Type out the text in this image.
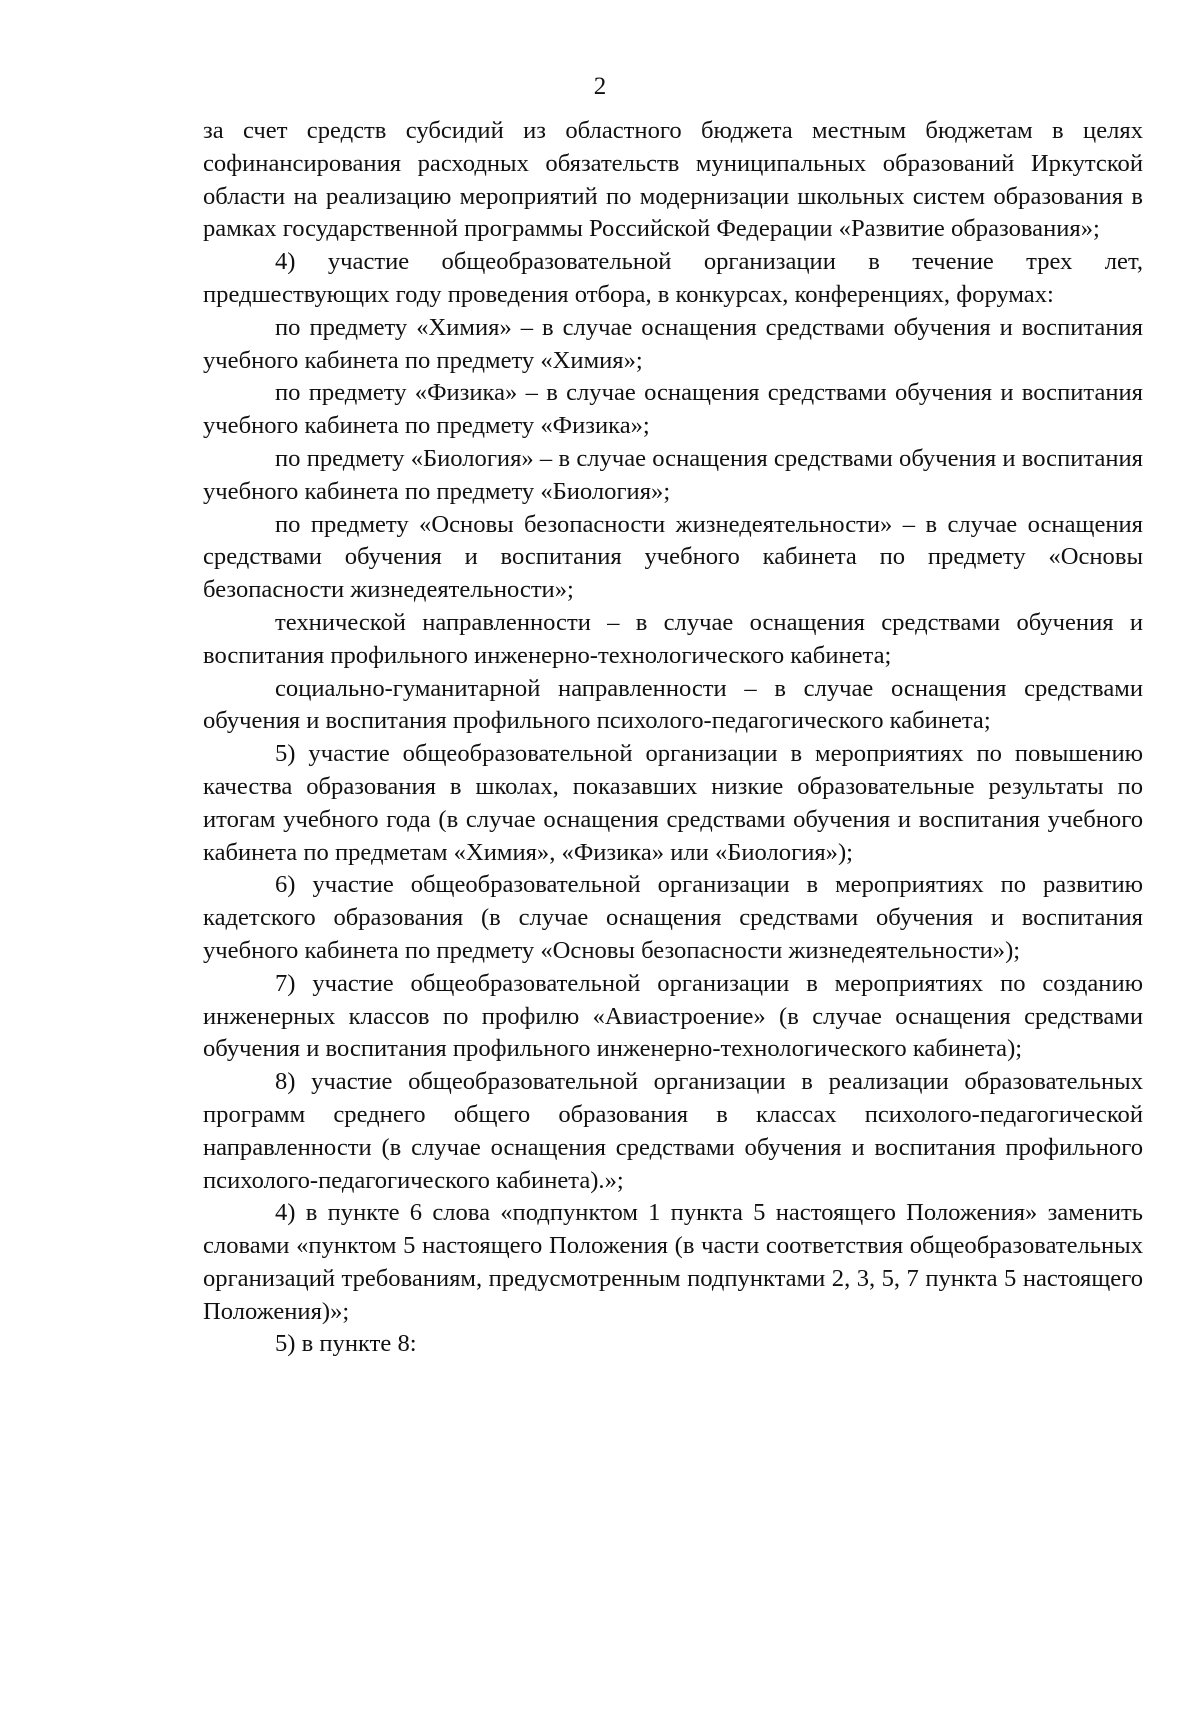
2

за счет средств субсидий из областного бюджета местным бюджетам в целях софинансирования расходных обязательств муниципальных образований Иркутской области на реализацию мероприятий по модернизации школьных систем образования в рамках государственной программы Российской Федерации «Развитие образования»;

4) участие общеобразовательной организации в течение трех лет, предшествующих году проведения отбора, в конкурсах, конференциях, форумах:

по предмету «Химия» – в случае оснащения средствами обучения и воспитания учебного кабинета по предмету «Химия»;

по предмету «Физика» – в случае оснащения средствами обучения и воспитания учебного кабинета по предмету «Физика»;

по предмету «Биология» – в случае оснащения средствами обучения и воспитания учебного кабинета по предмету «Биология»;

по предмету «Основы безопасности жизнедеятельности» – в случае оснащения средствами обучения и воспитания учебного кабинета по предмету «Основы безопасности жизнедеятельности»;

технической направленности – в случае оснащения средствами обучения и воспитания профильного инженерно-технологического кабинета;

социально-гуманитарной направленности – в случае оснащения средствами обучения и воспитания профильного психолого-педагогического кабинета;

5) участие общеобразовательной организации в мероприятиях по повышению качества образования в школах, показавших низкие образовательные результаты по итогам учебного года (в случае оснащения средствами обучения и воспитания учебного кабинета по предметам «Химия», «Физика» или «Биология»);

6) участие общеобразовательной организации в мероприятиях по развитию кадетского образования (в случае оснащения средствами обучения и воспитания учебного кабинета по предмету «Основы безопасности жизнедеятельности»);

7) участие общеобразовательной организации в мероприятиях по созданию инженерных классов по профилю «Авиастроение» (в случае оснащения средствами обучения и воспитания профильного инженерно-технологического кабинета);

8) участие общеобразовательной организации в реализации образовательных программ среднего общего образования в классах психолого-педагогической направленности (в случае оснащения средствами обучения и воспитания профильного психолого-педагогического кабинета).»;

4) в пункте 6 слова «подпунктом 1 пункта 5 настоящего Положения» заменить словами «пунктом 5 настоящего Положения (в части соответствия общеобразовательных организаций требованиям, предусмотренным подпунктами 2, 3, 5, 7 пункта 5 настоящего Положения)»;

5) в пункте 8:
